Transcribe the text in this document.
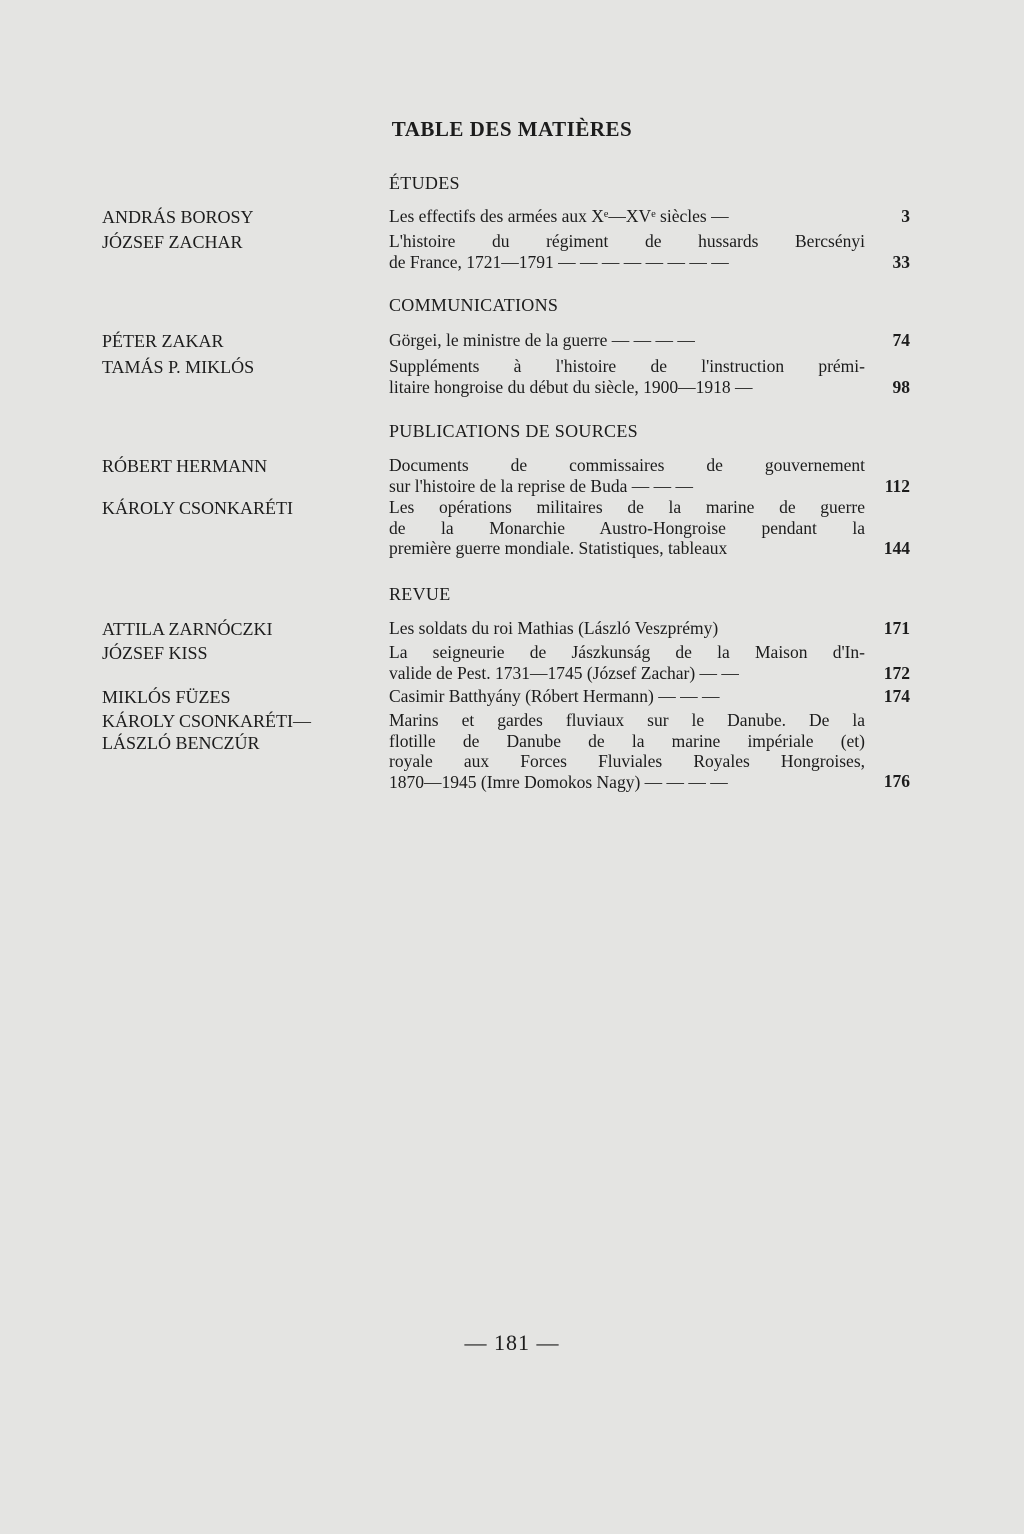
TABLE DES MATIÈRES
ÉTUDES
ANDRÁS BOROSY	Les effectifs des armées aux Xᵉ—XVᵉ siècles —	3
JÓZSEF ZACHAR	L'histoire du régiment de hussards Bercsényi
de France, 1721—1791 — — — — — — — —	33
COMMUNICATIONS
PÉTER ZAKAR	Görgei, le ministre de la guerre — — — —	74
TAMÁS P. MIKLÓS	Suppléments à l'histoire de l'instruction prémi-
litaire hongroise du début du siècle, 1900—1918 —	98
PUBLICATIONS DE SOURCES
RÓBERT HERMANN	Documents de commissaires de gouvernement
sur l'histoire de la reprise de Buda — — —	112
KÁROLY CSONKARÉTI	Les opérations militaires de la marine de guerre
de la Monarchie Austro-Hongroise pendant la
première guerre mondiale. Statistiques, tableaux	144
REVUE
ATTILA ZARNÓCZKI	Les soldats du roi Mathias (László Veszprémy)	171
JÓZSEF KISS	La seigneurie de Jászkunság de la Maison d'In-
valide de Pest. 1731—1745 (József Zachar) — —	172
MIKLÓS FÜZES	Casimir Batthyány (Róbert Hermann) — — —	174
KÁROLY CSONKARÉTI—
LÁSZLÓ BENCZÚR
Marins et gardes fluviaux sur le Danube. De la
flotille de Danube de la marine impériale (et)
royale aux Forces Fluviales Royales Hongroises,
1870—1945 (Imre Domokos Nagy) — — — —	176
— 181 —
